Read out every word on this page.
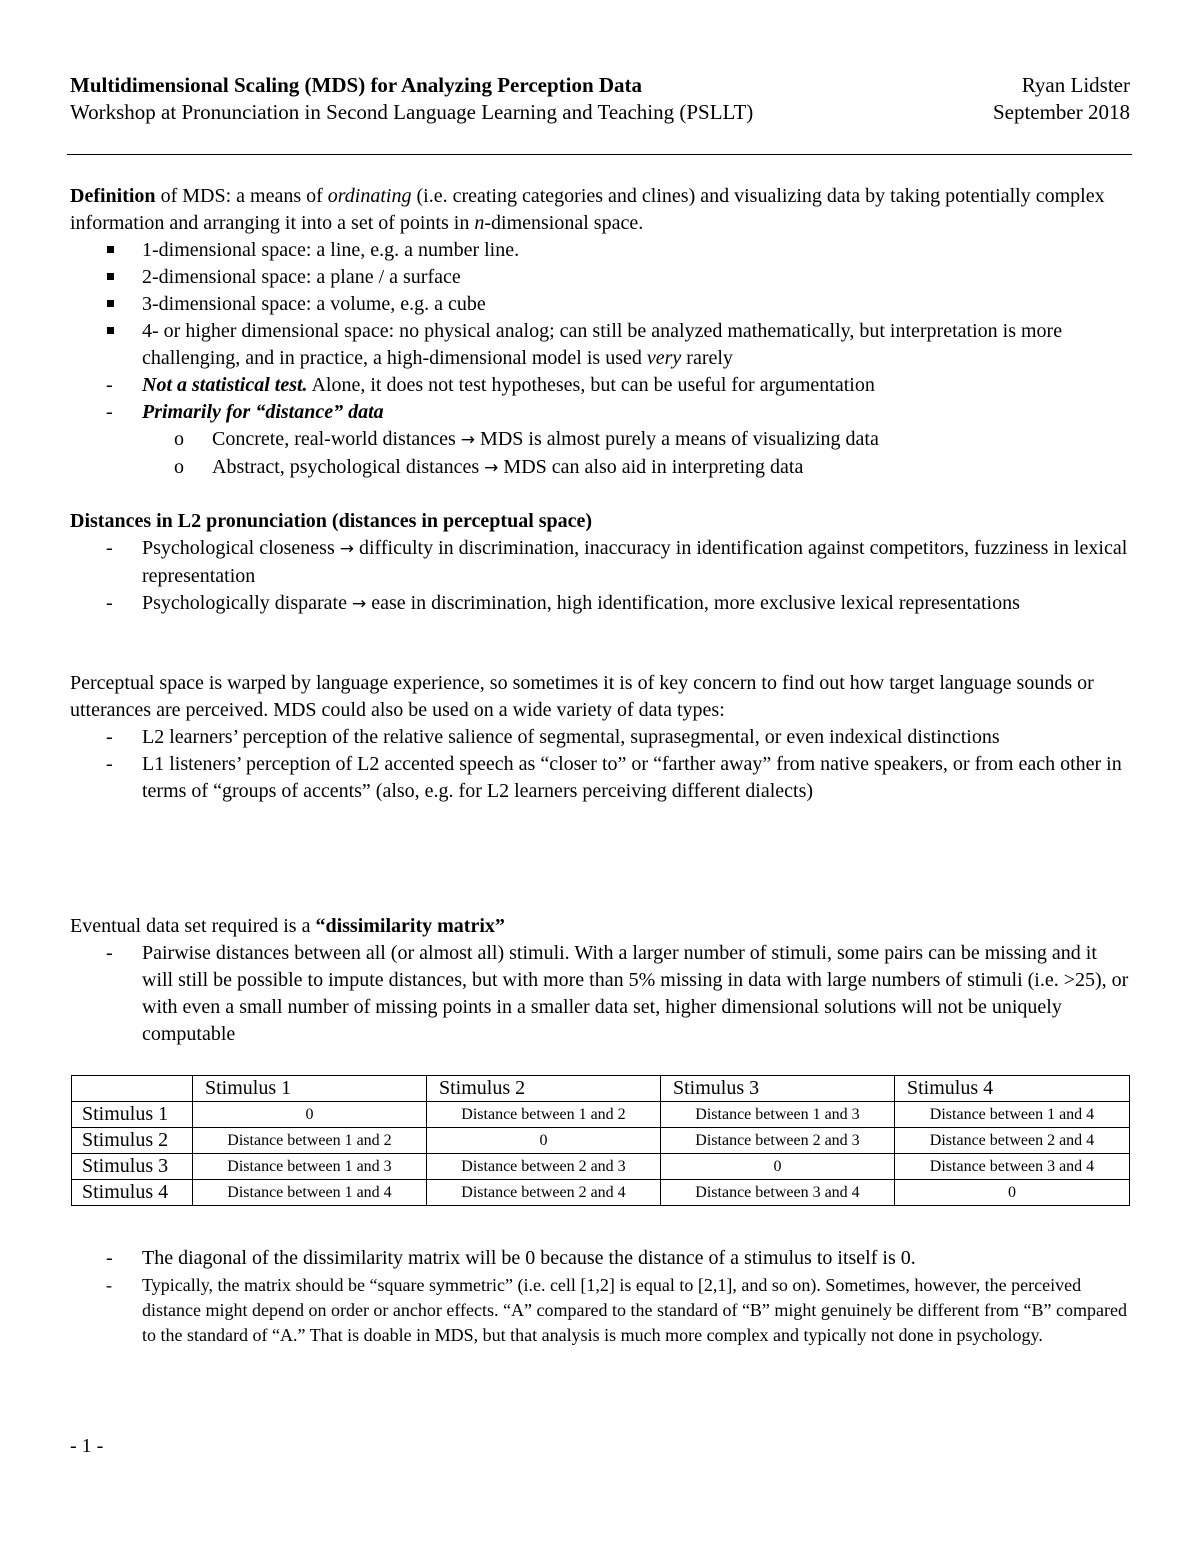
Multidimensional Scaling (MDS) for Analyzing Perception Data	Ryan Lidster
Workshop at Pronunciation in Second Language Learning and Teaching (PSLLT)	September 2018

Definition of MDS: a means of ordinating (i.e. creating categories and clines) and visualizing data by taking potentially complex information and arranging it into a set of points in n-dimensional space.

1-dimensional space: a line, e.g. a number line.
2-dimensional space: a plane / a surface
3-dimensional space: a volume, e.g. a cube
4- or higher dimensional space: no physical analog; can still be analyzed mathematically, but interpretation is more challenging, and in practice, a high-dimensional model is used very rarely
- Not a statistical test. Alone, it does not test hypotheses, but can be useful for argumentation
- Primarily for “distance” data
o Concrete, real-world distances → MDS is almost purely a means of visualizing data
o Abstract, psychological distances → MDS can also aid in interpreting data

Distances in L2 pronunciation (distances in perceptual space)

- Psychological closeness → difficulty in discrimination, inaccuracy in identification against competitors, fuzziness in lexical representation
- Psychologically disparate → ease in discrimination, high identification, more exclusive lexical representations

Perceptual space is warped by language experience, so sometimes it is of key concern to find out how target language sounds or utterances are perceived. MDS could also be used on a wide variety of data types:

- L2 learners’ perception of the relative salience of segmental, suprasegmental, or even indexical distinctions
- L1 listeners’ perception of L2 accented speech as “closer to” or “farther away” from native speakers, or from each other in terms of “groups of accents” (also, e.g. for L2 learners perceiving different dialects)

Eventual data set required is a “dissimilarity matrix”

- Pairwise distances between all (or almost all) stimuli. With a larger number of stimuli, some pairs can be missing and it will still be possible to impute distances, but with more than 5% missing in data with large numbers of stimuli (i.e. >25), or with even a small number of missing points in a smaller data set, higher dimensional solutions will not be uniquely computable
	Stimulus 1	Stimulus 2	Stimulus 3	Stimulus 4
Stimulus 1	0	Distance between 1 and 2	Distance between 1 and 3	Distance between 1 and 4
Stimulus 2	Distance between 1 and 2	0	Distance between 2 and 3	Distance between 2 and 4
Stimulus 3	Distance between 1 and 3	Distance between 2 and 3	0	Distance between 3 and 4
Stimulus 4	Distance between 1 and 4	Distance between 2 and 4	Distance between 3 and 4	0
- The diagonal of the dissimilarity matrix will be 0 because the distance of a stimulus to itself is 0.
- Typically, the matrix should be “square symmetric” (i.e. cell [1,2] is equal to [2,1], and so on). Sometimes, however, the perceived distance might depend on order or anchor effects. “A” compared to the standard of “B” might genuinely be different from “B” compared to the standard of “A.” That is doable in MDS, but that analysis is much more complex and typically not done in psychology.
- 1 -
